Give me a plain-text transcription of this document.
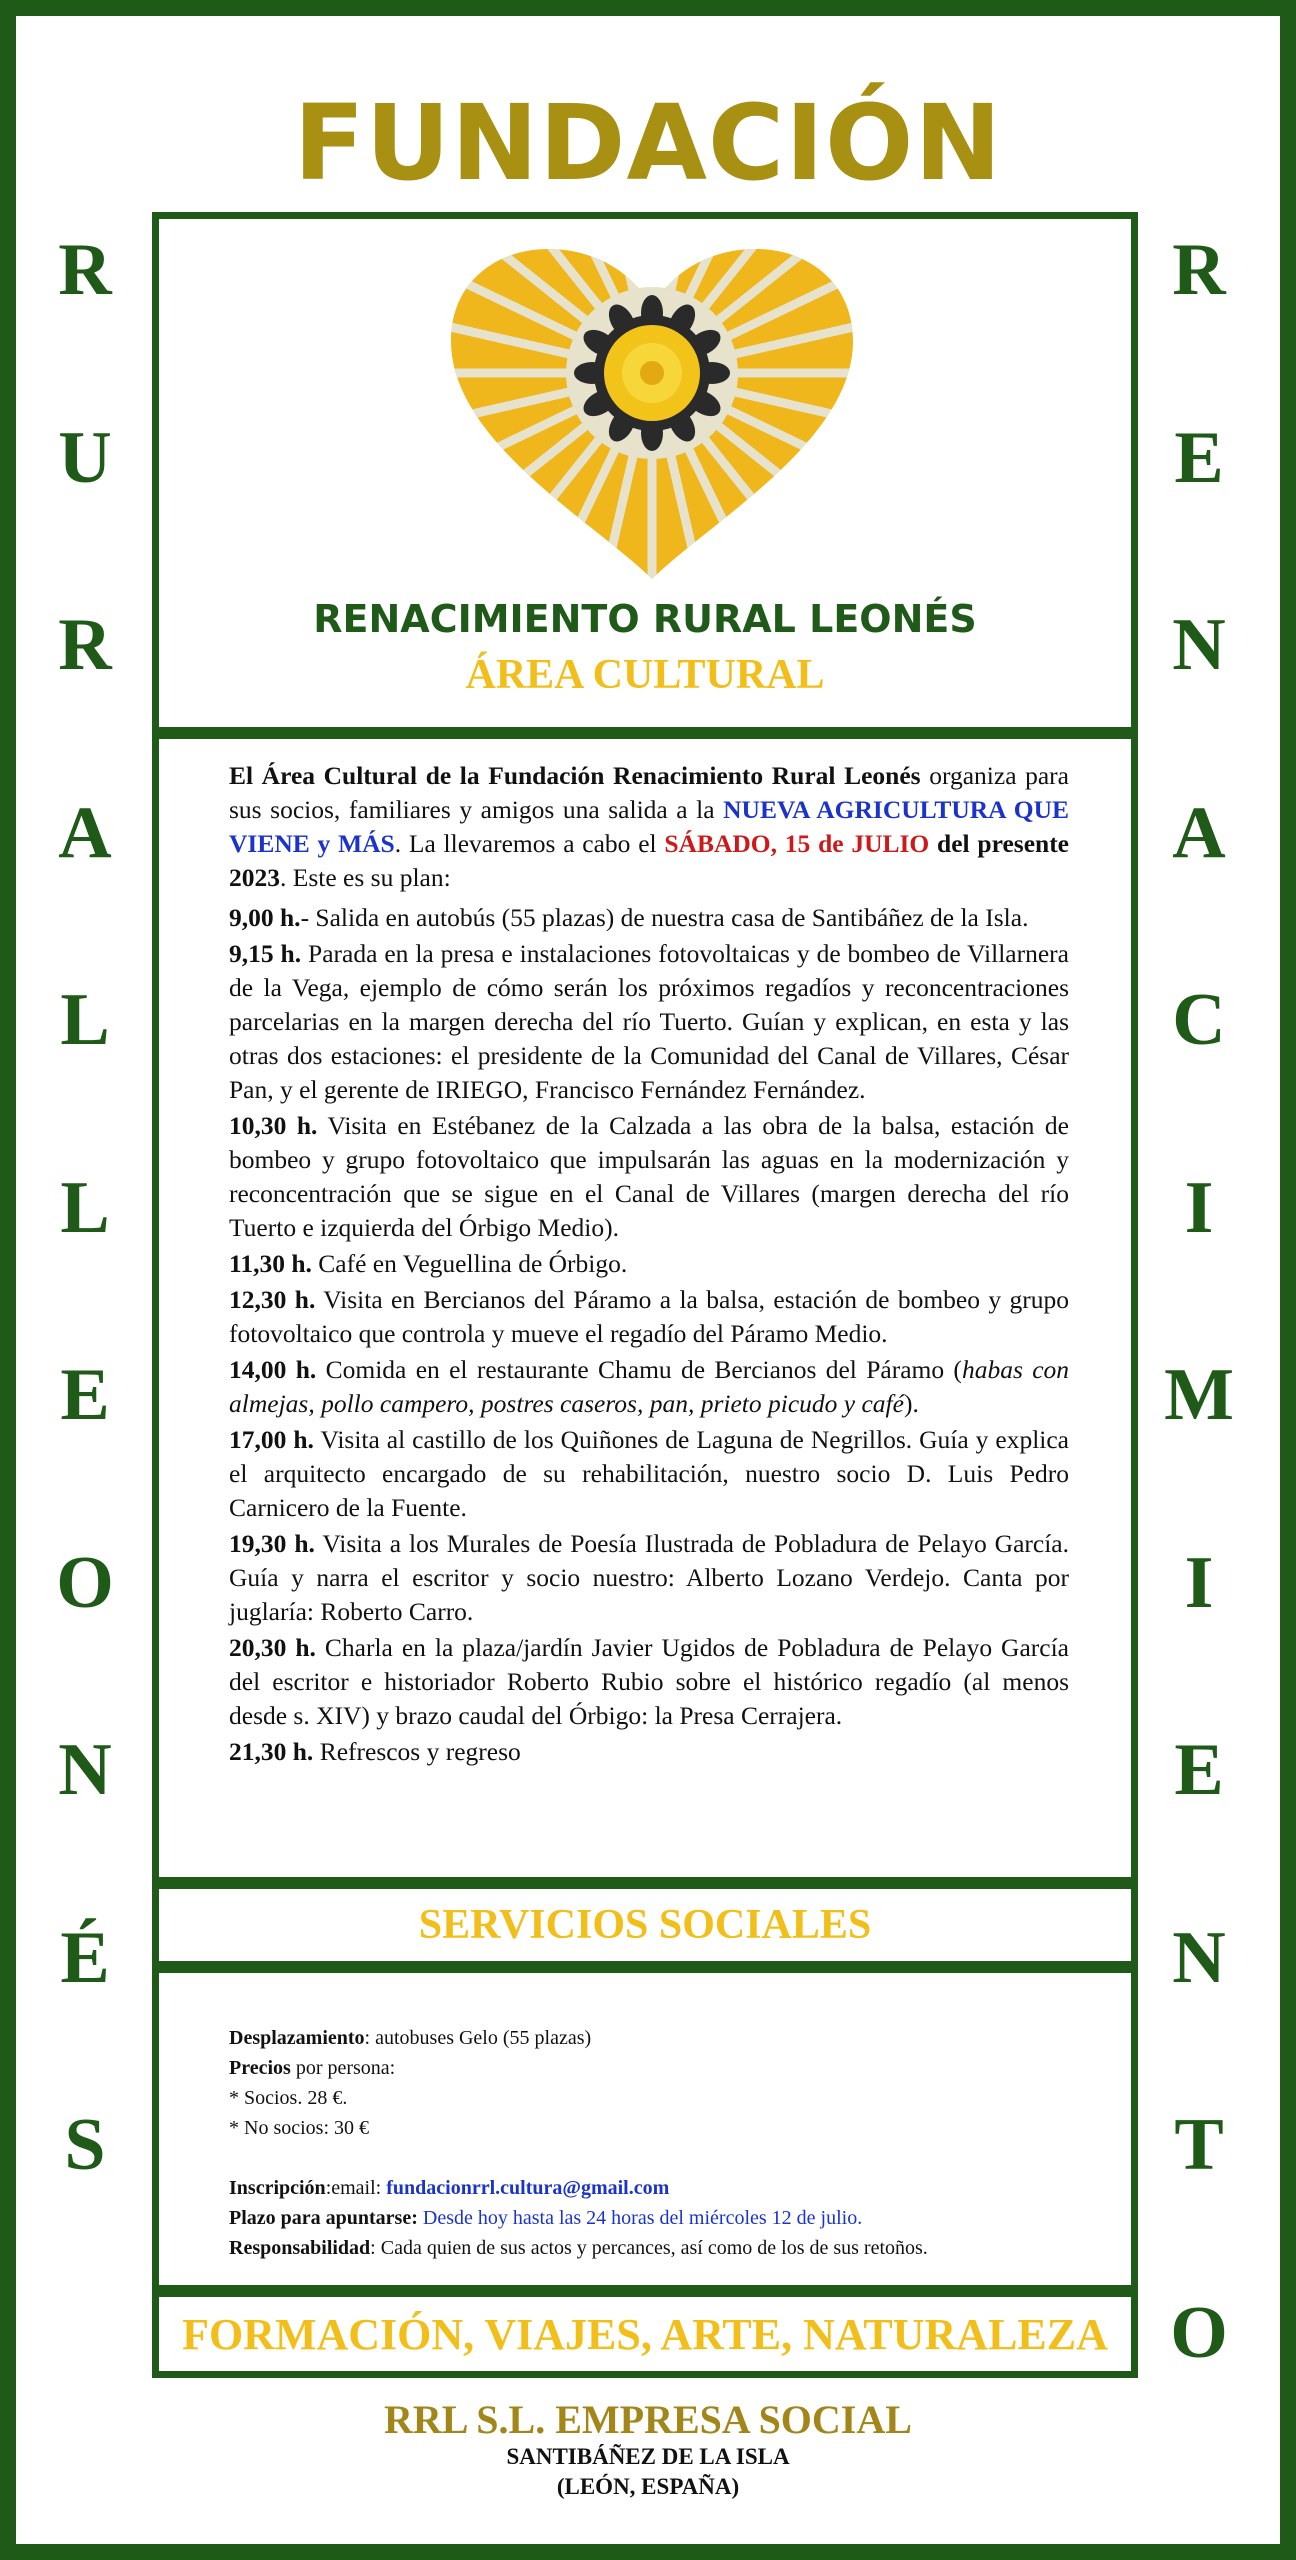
FUNDACIÓN
R
U
R
A
L
L
E
O
N
É
S
R
E
N
A
C
I
M
I
E
N
T
O
RENACIMIENTO RURAL LEONÉS
ÁREA CULTURAL

El Área Cultural de la Fundación Renacimiento Rural Leonés organiza para sus socios, familiares y amigos una salida a la NUEVA AGRICULTURA QUE VIENE y MÁS. La llevaremos a cabo el SÁBADO, 15 de JULIO del presente 2023. Este es su plan:

9,00 h.- Salida en autobús (55 plazas) de nuestra casa de Santibáñez de la Isla.

9,15 h. Parada en la presa e instalaciones fotovoltaicas y de bombeo de Villarnera de la Vega, ejemplo de cómo serán los próximos regadíos y reconcentraciones parcelarias en la margen derecha del río Tuerto. Guían y explican, en esta y las otras dos estaciones: el presidente de la Comunidad del Canal de Villares, César Pan, y el gerente de IRIEGO, Francisco Fernández Fernández.

10,30 h. Visita en Estébanez de la Calzada a las obra de la balsa, estación de bombeo y grupo fotovoltaico que impulsarán las aguas en la modernización y reconcentración que se sigue en el Canal de Villares (margen derecha del río Tuerto e izquierda del Órbigo Medio).

11,30 h. Café en Veguellina de Órbigo.

12,30 h. Visita en Bercianos del Páramo a la balsa, estación de bombeo y grupo fotovoltaico que controla y mueve el regadío del Páramo Medio.

14,00 h. Comida en el restaurante Chamu de Bercianos del Páramo (habas con almejas, pollo campero, postres caseros, pan, prieto picudo y café).

17,00 h. Visita al castillo de los Quiñones de Laguna de Negrillos. Guía y explica el arquitecto encargado de su rehabilitación, nuestro socio D. Luis Pedro Carnicero de la Fuente.

19,30 h. Visita a los Murales de Poesía Ilustrada de Pobladura de Pelayo García. Guía y narra el escritor y socio nuestro: Alberto Lozano Verdejo. Canta por juglaría: Roberto Carro.

20,30 h. Charla en la plaza/jardín Javier Ugidos de Pobladura de Pelayo García del escritor e historiador Roberto Rubio sobre el histórico regadío (al menos desde s. XIV) y brazo caudal del Órbigo: la Presa Cerrajera.

21,30 h. Refrescos y regreso

SERVICIOS SOCIALES

Desplazamiento: autobuses Gelo (55 plazas)

Precios por persona:

* Socios. 28 €.

* No socios: 30 €

Inscripción:email: fundacionrrl.cultura@gmail.com

Plazo para apuntarse: Desde hoy hasta las 24 horas del miércoles 12 de julio.

Responsabilidad: Cada quien de sus actos y percances, así como de los de sus retoños.

FORMACIÓN, VIAJES, ARTE, NATURALEZA
RRL S.L. EMPRESA SOCIAL
SANTIBÁÑEZ DE LA ISLA
(LEÓN, ESPAÑA)
